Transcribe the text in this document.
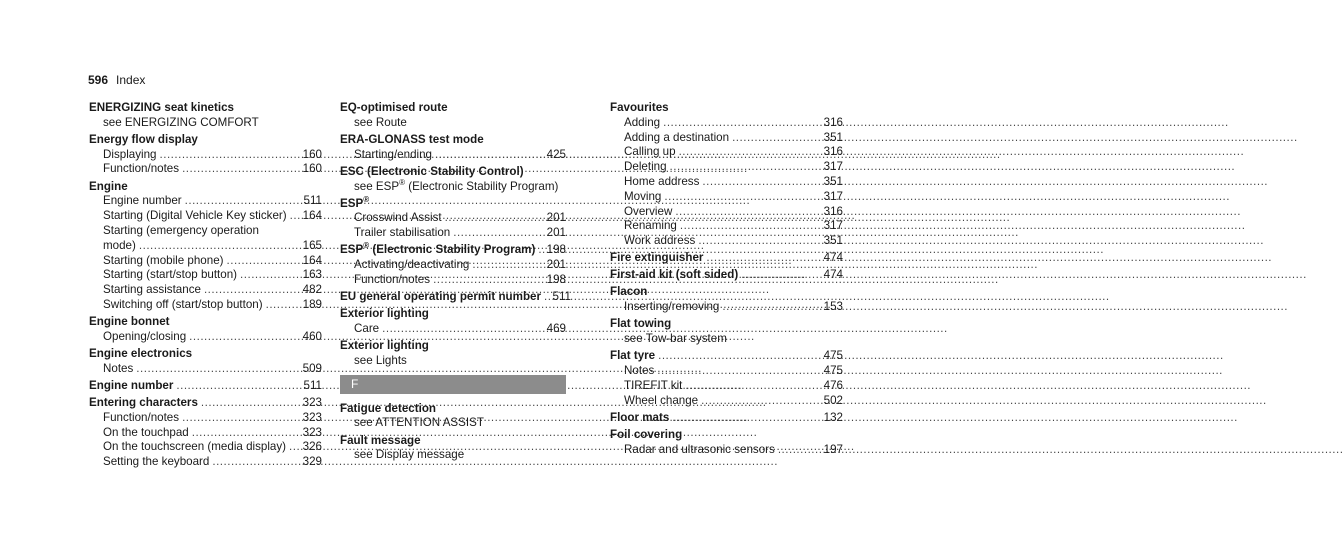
596 Index
ENERGIZING seat kinetics
see ENERGIZING COMFORT
Energy flow display
Displaying .....	160
Function/notes .....	160
Engine
Engine number .....	511
Starting (Digital Vehicle Key sticker) ..... 164
Starting (emergency operation
mode) .....	165
Starting (mobile phone) .....	164
Starting (start/stop button) .....	163
Starting assistance .....	482
Switching off (start/stop button) .....	189
Engine bonnet
Opening/closing .....	460
Engine electronics
Notes .....	509
Engine number .....	511
Entering characters .....	323
Function/notes .....	323
On the touchpad .....	323
On the touchscreen (media display) ..... 326
Setting the keyboard .....	329
EQ-optimised route
see Route
ERA-GLONASS test mode
Starting/ending .....	425
ESC (Electronic Stability Control)
see ESP® (Electronic Stability Program)
ESP®
Crosswind Assist .....	201
Trailer stabilisation .....	201
ESP® (Electronic Stability Program) ..... 198
Activating/deactivating .....	201
Function/notes .....	198
EU general operating permit number ..... 511
Exterior lighting
Care .....	469
Exterior lighting
see Lights
F
Fatigue detection
see ATTENTION ASSIST
Fault message
see Display message
Favourites
Adding .....	316
Adding a destination .....	351
Calling up .....	316
Deleting .....	317
Home address .....	351
Moving .....	317
Overview .....	316
Renaming .....	317
Work address .....	351
Fire extinguisher .....	474
First-aid kit (soft sided) .....	474
Flacon
Inserting/removing .....	153
Flat towing
see Tow-bar system
Flat tyre .....	475
Notes .....	475
TIREFIT kit .....	476
Wheel change .....	502
Floor mats .....	132
Foil covering
Radar and ultrasonic sensors .....	197
